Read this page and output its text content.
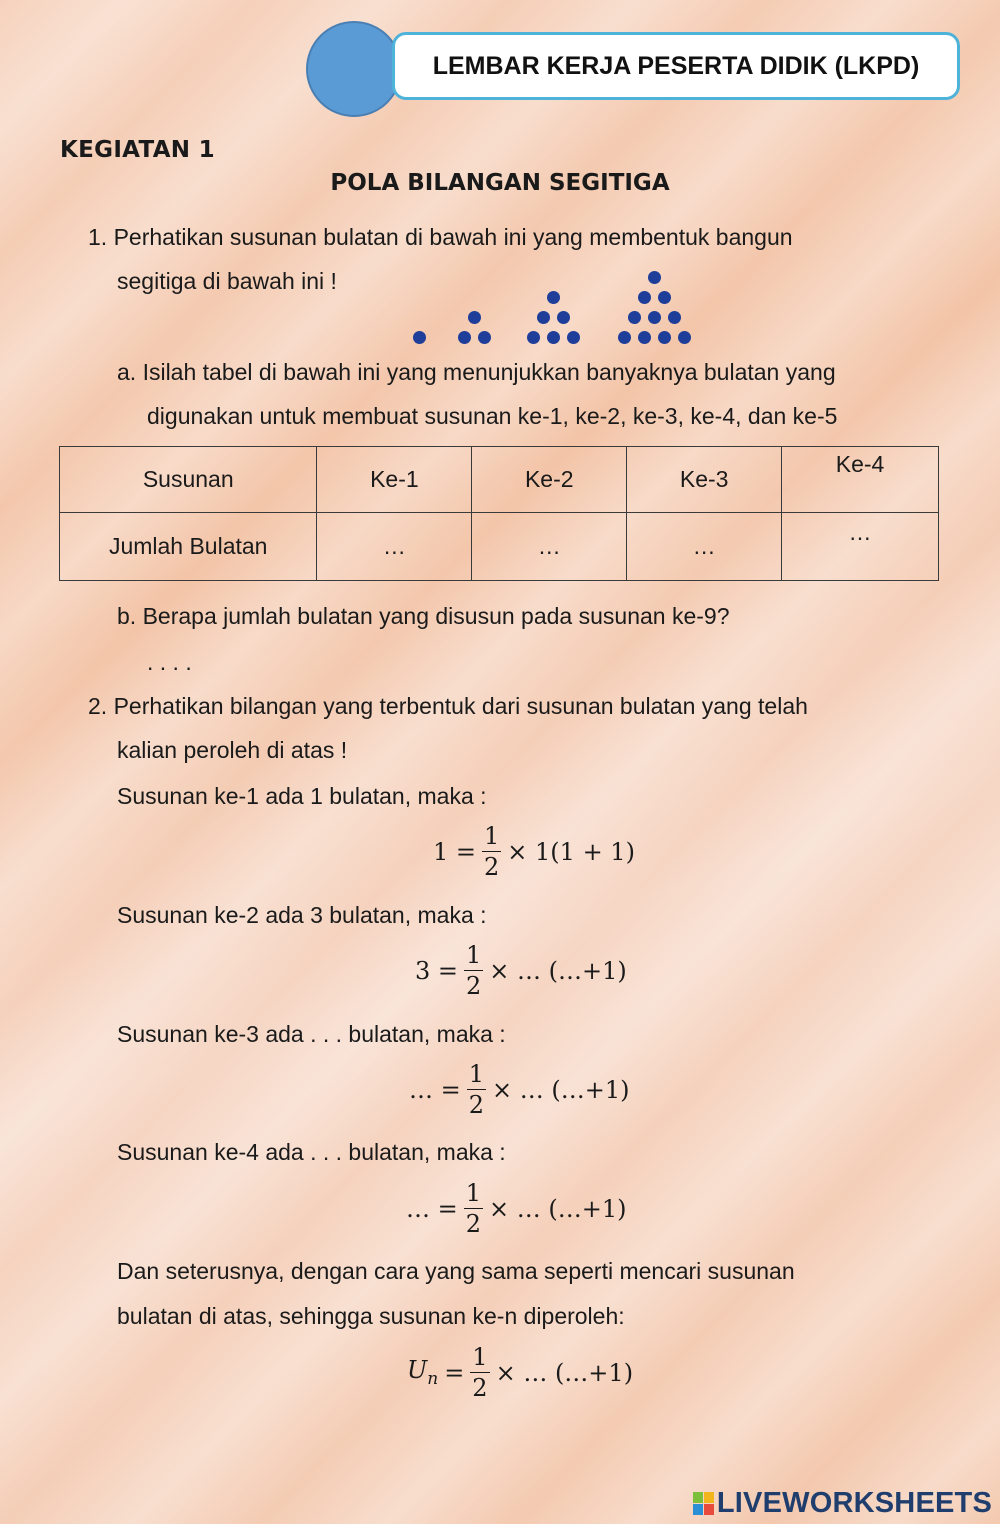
LEMBAR KERJA PESERTA DIDIK (LKPD)
KEGIATAN 1
POLA BILANGAN SEGITIGA
1. Perhatikan susunan bulatan di bawah ini yang membentuk bangun
segitiga di bawah ini !
a. Isilah tabel di bawah ini yang menunjukkan banyaknya bulatan yang
digunakan untuk membuat susunan ke-1, ke-2, ke-3, ke-4, dan ke-5
Susunan	Ke-1	Ke-2	Ke-3	Ke-4
Jumlah Bulatan	…	…	…	…
b. Berapa jumlah bulatan yang disusun pada susunan ke-9?
. . . .
2. Perhatikan bilangan yang terbentuk dari susunan bulatan yang telah
kalian peroleh di atas !
Susunan ke-1 ada 1 bulatan, maka :
$1 = \frac{1}{2} \times 1(1 + 1)$
Susunan ke-2 ada 3 bulatan, maka :
$3 = \frac{1}{2}$ × … (…+1)
Susunan ke-3 ada . . . bulatan, maka :
… = $\frac{1}{2}$ × … (…+1)
Susunan ke-4 ada . . . bulatan, maka :
… = $\frac{1}{2}$ × … (…+1)
Dan seterusnya, dengan cara yang sama seperti mencari susunan
bulatan di atas, sehingga susunan ke-n diperoleh:
$U_n = \frac{1}{2}$ × … (…+1)
LIVEWORKSHEETS
